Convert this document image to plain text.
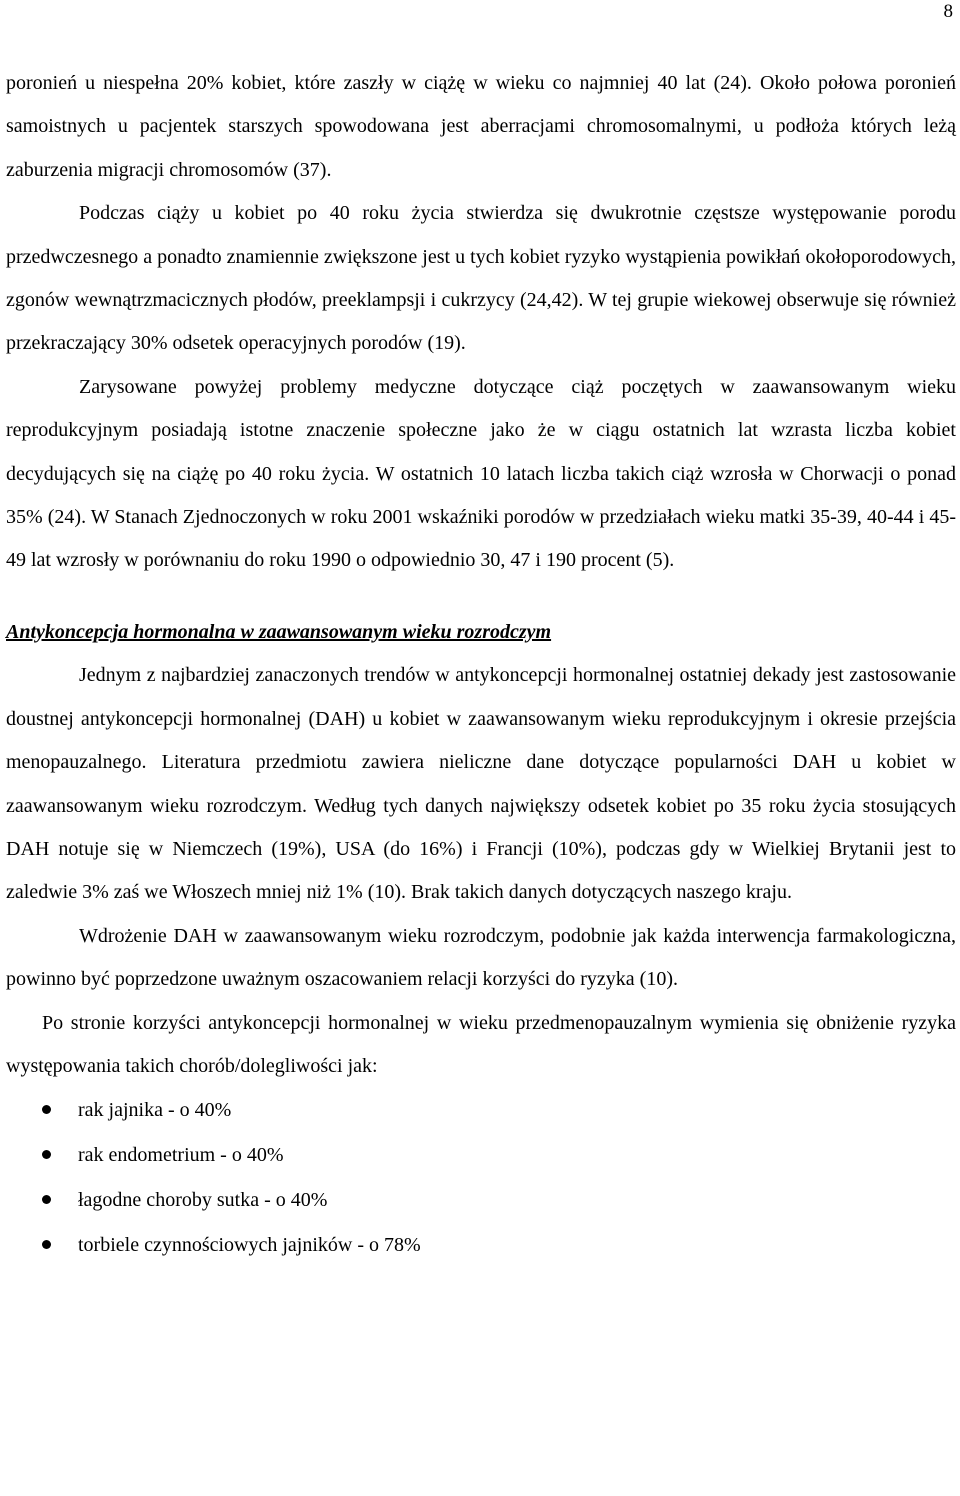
8

poronień u niespełna 20% kobiet, które zaszły w ciążę w wieku co najmniej 40 lat (24). Około połowa poronień samoistnych u pacjentek starszych spowodowana jest aberracjami chromosomalnymi, u podłoża których leżą zaburzenia migracji chromosomów (37).

Podczas ciąży u kobiet po 40 roku życia stwierdza się dwukrotnie częstsze występowanie porodu przedwczesnego a ponadto znamiennie zwiększone jest u tych kobiet ryzyko wystąpienia powikłań okołoporodowych, zgonów wewnątrzmacicznych płodów, preeklampsji i cukrzycy (24,42). W tej grupie wiekowej obserwuje się również przekraczający 30% odsetek operacyjnych porodów (19).

Zarysowane powyżej problemy medyczne dotyczące ciąż poczętych w zaawansowanym wieku reprodukcyjnym posiadają istotne znaczenie społeczne jako że w ciągu ostatnich lat wzrasta liczba kobiet decydujących się na ciążę po 40 roku życia. W ostatnich 10 latach liczba takich ciąż wzrosła w Chorwacji o ponad 35% (24). W Stanach Zjednoczonych w roku 2001 wskaźniki porodów w przedziałach wieku matki 35-39, 40-44 i 45-49 lat wzrosły w porównaniu do roku 1990 o odpowiednio 30, 47 i 190 procent (5).

Antykoncepcja hormonalna w zaawansowanym wieku rozrodczym

Jednym z najbardziej zanaczonych trendów w antykoncepcji hormonalnej ostatniej dekady jest zastosowanie doustnej antykoncepcji hormonalnej (DAH) u kobiet w zaawansowanym wieku reprodukcyjnym i okresie przejścia menopauzalnego. Literatura przedmiotu zawiera nieliczne dane dotyczące popularności DAH u kobiet w zaawansowanym wieku rozrodczym. Według tych danych największy odsetek kobiet po 35 roku życia stosujących DAH notuje się w Niemczech (19%), USA (do 16%) i Francji (10%), podczas gdy w Wielkiej Brytanii jest to zaledwie 3% zaś we Włoszech mniej niż 1% (10). Brak takich danych dotyczących naszego kraju.

Wdrożenie DAH w zaawansowanym wieku rozrodczym, podobnie jak każda interwencja farmakologiczna, powinno być poprzedzone uważnym oszacowaniem relacji korzyści do ryzyka (10).

Po stronie korzyści antykoncepcji hormonalnej w wieku przedmenopauzalnym wymienia się obniżenie ryzyka występowania takich chorób/dolegliwości jak:

rak jajnika - o 40%
rak endometrium - o 40%
łagodne choroby sutka - o 40%
torbiele czynnościowych jajników - o 78%
